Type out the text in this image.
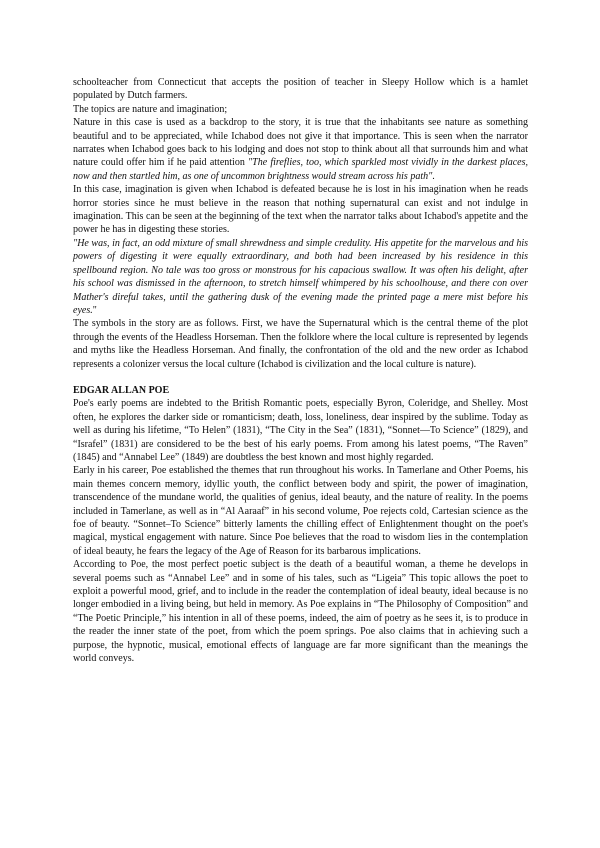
schoolteacher from Connecticut that accepts the position of teacher in Sleepy Hollow which is a hamlet populated by Dutch farmers.

The topics are nature and imagination;

Nature in this case is used as a backdrop to the story, it is true that the inhabitants see nature as something beautiful and to be appreciated, while Ichabod does not give it that importance. This is seen when the narrator narrates when Ichabod goes back to his lodging and does not stop to think about all that surrounds him and what nature could offer him if he paid attention "The fireflies, too, which sparkled most vividly in the darkest places, now and then startled him, as one of uncommon brightness would stream across his path".

In this case, imagination is given when Ichabod is defeated because he is lost in his imagination when he reads horror stories since he must believe in the reason that nothing supernatural can exist and not indulge in imagination. This can be seen at the beginning of the text when the narrator talks about Ichabod's appetite and the power he has in digesting these stories.

"He was, in fact, an odd mixture of small shrewdness and simple credulity. His appetite for the marvelous and his powers of digesting it were equally extraordinary, and both had been increased by his residence in this spellbound region. No tale was too gross or monstrous for his capacious swallow. It was often his delight, after his school was dismissed in the afternoon, to stretch himself whimpered by his schoolhouse, and there con over Mather's direful takes, until the gathering dusk of the evening made the printed page a mere mist before his eyes."

The symbols in the story are as follows. First, we have the Supernatural which is the central theme of the plot through the events of the Headless Horseman. Then the folklore where the local culture is represented by legends and myths like the Headless Horseman. And finally, the confrontation of the old and the new order as Ichabod represents a colonizer versus the local culture (Ichabod is civilization and the local culture is nature).

EDGAR ALLAN POE

Poe's early poems are indebted to the British Romantic poets, especially Byron, Coleridge, and Shelley. Most often, he explores the darker side or romanticism; death, loss, loneliness, dear inspired by the sublime. Today as well as during his lifetime, “To Helen” (1831), “The City in the Sea” (1831), “Sonnet—To Science” (1829), and “Israfel” (1831) are considered to be the best of his early poems. From among his latest poems, “The Raven” (1845) and “Annabel Lee” (1849) are doubtless the best known and most highly regarded.

Early in his career, Poe established the themes that run throughout his works. In Tamerlane and Other Poems, his main themes concern memory, idyllic youth, the conflict between body and spirit, the power of imagination, transcendence of the mundane world, the qualities of genius, ideal beauty, and the nature of reality. In the poems included in Tamerlane, as well as in “Al Aaraaf” in his second volume, Poe rejects cold, Cartesian science as the foe of beauty. “Sonnet–To Science” bitterly laments the chilling effect of Enlightenment thought on the poet's magical, mystical engagement with nature. Since Poe believes that the road to wisdom lies in the contemplation of ideal beauty, he fears the legacy of the Age of Reason for its barbarous implications.

According to Poe, the most perfect poetic subject is the death of a beautiful woman, a theme he develops in several poems such as “Annabel Lee” and in some of his tales, such as “Ligeia” This topic allows the poet to exploit a powerful mood, grief, and to include in the reader the contemplation of ideal beauty, ideal because is no longer embodied in a living being, but held in memory. As Poe explains in “The Philosophy of Composition” and “The Poetic Principle,” his intention in all of these poems, indeed, the aim of poetry as he sees it, is to produce in the reader the inner state of the poet, from which the poem springs. Poe also claims that in achieving such a purpose, the hypnotic, musical, emotional effects of language are far more significant than the meanings the world conveys.
